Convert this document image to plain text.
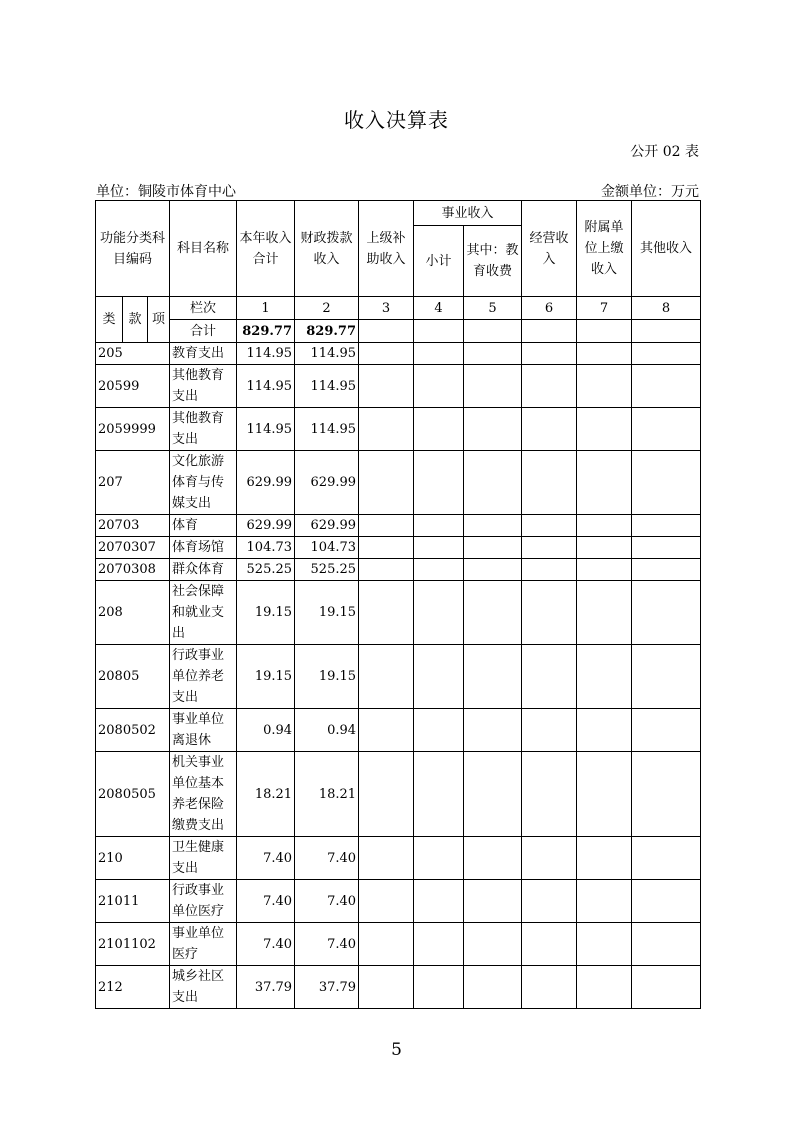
收入决算表
公开 02 表
单位：铜陵市体育中心	金额单位：万元
功能分类科目编码			科目名称	本年收入合计	财政拨款收入	上级补助收入	事业收入		经营收入	附属单位上缴收入	其他收入
							小计	其中：教育收费			
类	款	项	栏次	1	2	3	4	5	6	7	8
			合计	829.77	829.77						
205			教育支出	114.95	114.95						
20599			其他教育支出	114.95	114.95						
2059999			其他教育支出	114.95	114.95						
207			文化旅游体育与传媒支出	629.99	629.99						
20703			体育	629.99	629.99						
2070307			体育场馆	104.73	104.73						
2070308			群众体育	525.25	525.25						
208			社会保障和就业支出	19.15	19.15						
20805			行政事业单位养老支出	19.15	19.15						
2080502			事业单位离退休	0.94	0.94						
2080505			机关事业单位基本养老保险缴费支出	18.21	18.21						
210			卫生健康支出	7.40	7.40						
21011			行政事业单位医疗	7.40	7.40						
2101102			事业单位医疗	7.40	7.40						
212			城乡社区支出	37.79	37.79						
5
